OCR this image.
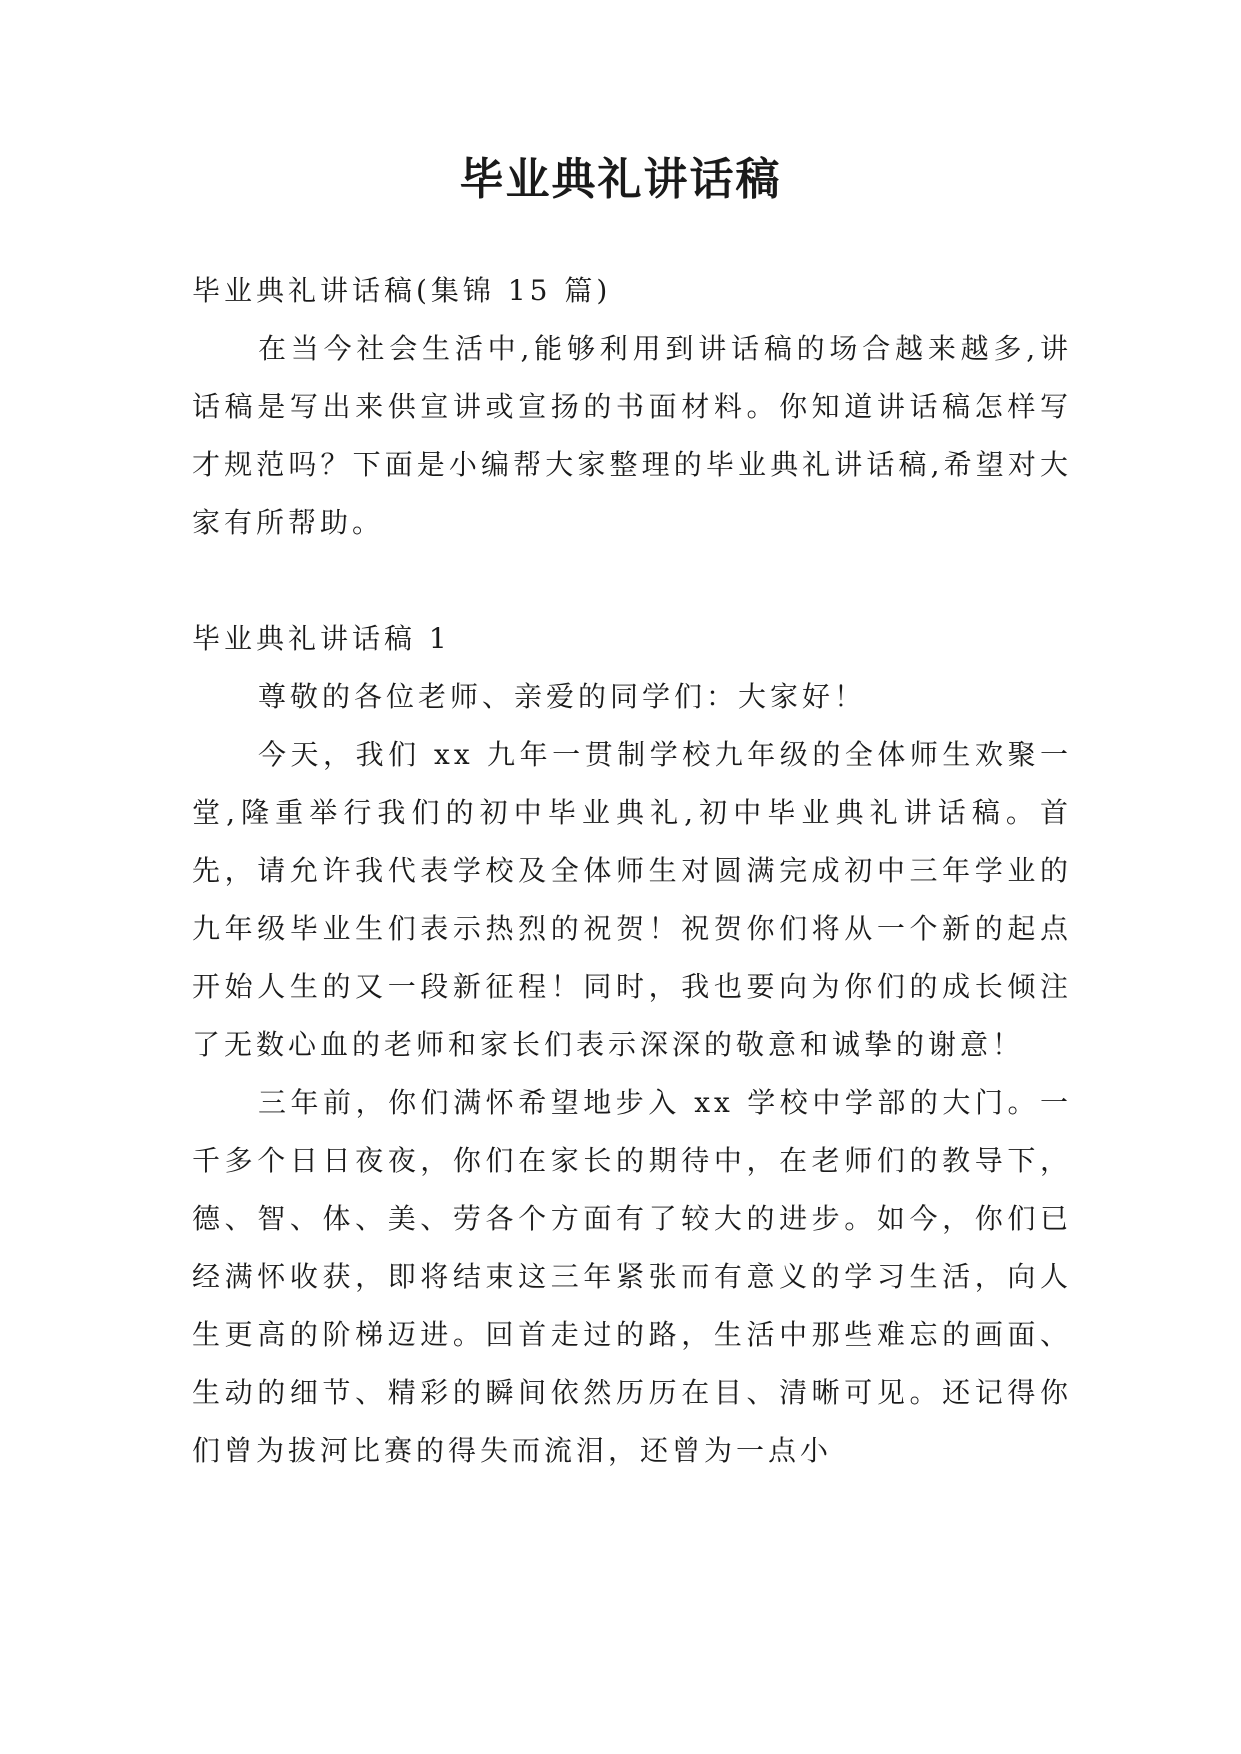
毕业典礼讲话稿

毕业典礼讲话稿(集锦 15 篇)

在当今社会生活中,能够利用到讲话稿的场合越来越多,讲话稿是写出来供宣讲或宣扬的书面材料。你知道讲话稿怎样写才规范吗？下面是小编帮大家整理的毕业典礼讲话稿,希望对大家有所帮助。

毕业典礼讲话稿 1

尊敬的各位老师、亲爱的同学们：大家好！

今天，我们 xx 九年一贯制学校九年级的全体师生欢聚一堂,隆重举行我们的初中毕业典礼,初中毕业典礼讲话稿。首先，请允许我代表学校及全体师生对圆满完成初中三年学业的九年级毕业生们表示热烈的祝贺！祝贺你们将从一个新的起点开始人生的又一段新征程！同时，我也要向为你们的成长倾注了无数心血的老师和家长们表示深深的敬意和诚挚的谢意！

三年前，你们满怀希望地步入 xx 学校中学部的大门。一千多个日日夜夜，你们在家长的期待中，在老师们的教导下，德、智、体、美、劳各个方面有了较大的进步。如今，你们已经满怀收获，即将结束这三年紧张而有意义的学习生活，向人生更高的阶梯迈进。回首走过的路，生活中那些难忘的画面、生动的细节、精彩的瞬间依然历历在目、清晰可见。还记得你们曾为拔河比赛的得失而流泪，还曾为一点小
